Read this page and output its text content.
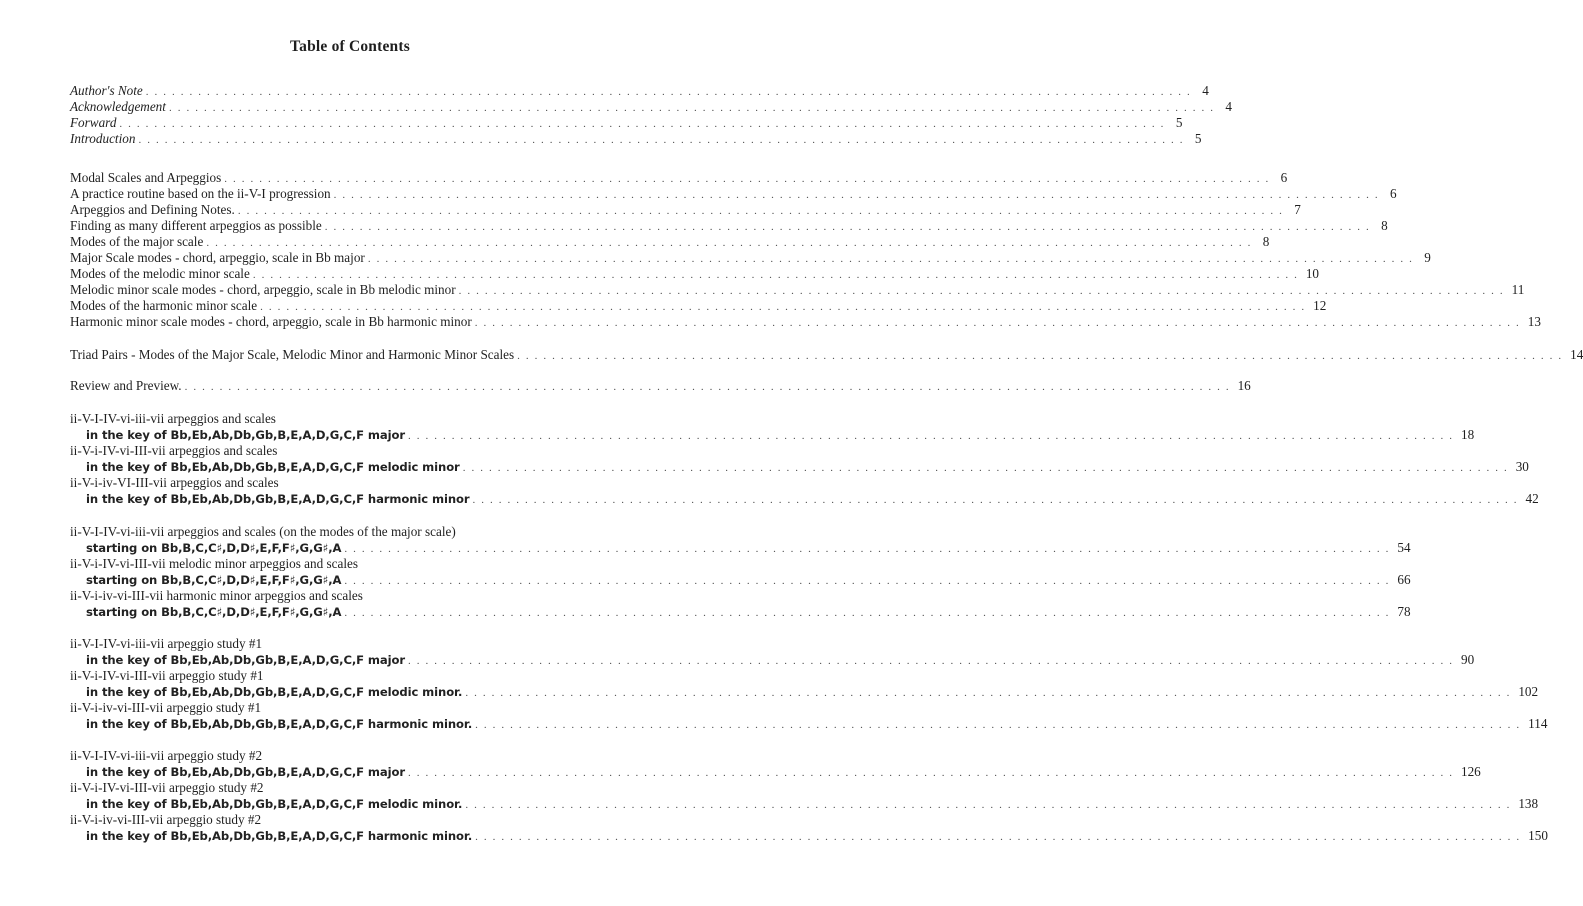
Table of Contents
Author's Note ........................................................................................................................ 4
Acknowledgement ........................................................................................................................ 4
Forward ........................................................................................................................ 5
Introduction ........................................................................................................................ 5
Modal Scales and Arpeggios ........................................................................................................................ 6
A practice routine based on the ii-V-I progression ........................................................................................................................ 6
Arpeggios and Defining Notes. ........................................................................................................................ 7
Finding as many different arpeggios as possible ........................................................................................................................ 8
Modes of the major scale ........................................................................................................................ 8
Major Scale modes - chord, arpeggio, scale in Bb major ........................................................................................................................ 9
Modes of the melodic minor scale ........................................................................................................................ 10
Melodic minor scale modes - chord, arpeggio, scale in Bb melodic minor ........................................................................................................................ 11
Modes of the harmonic minor scale ........................................................................................................................ 12
Harmonic minor scale modes - chord, arpeggio, scale in Bb harmonic minor ........................................................................................................................ 13
Triad Pairs - Modes of the Major Scale, Melodic Minor and Harmonic Minor Scales ........................................................................................................................ 14
Review and Preview. ........................................................................................................................ 16
ii-V-I-IV-vi-iii-vii arpeggios and scales
in the key of Bb,Eb,Ab,Db,Gb,B,E,A,D,G,C,F major ........................................................................................................................ 18
ii-V-i-IV-vi-III-vii arpeggios and scales
in the key of Bb,Eb,Ab,Db,Gb,B,E,A,D,G,C,F melodic minor ........................................................................................................................ 30
ii-V-i-iv-VI-III-vii arpeggios and scales
in the key of Bb,Eb,Ab,Db,Gb,B,E,A,D,G,C,F harmonic minor ........................................................................................................................ 42
ii-V-I-IV-vi-iii-vii arpeggios and scales (on the modes of the major scale)
starting on Bb,B,C,C♯,D,D♯,E,F,F♯,G,G♯,A ........................................................................................................................ 54
ii-V-i-IV-vi-III-vii melodic minor arpeggios and scales
starting on Bb,B,C,C♯,D,D♯,E,F,F♯,G,G♯,A ........................................................................................................................ 66
ii-V-i-iv-vi-III-vii harmonic minor arpeggios and scales
starting on Bb,B,C,C♯,D,D♯,E,F,F♯,G,G♯,A ........................................................................................................................ 78
ii-V-I-IV-vi-iii-vii arpeggio study #1
in the key of Bb,Eb,Ab,Db,Gb,B,E,A,D,G,C,F major ........................................................................................................................ 90
ii-V-i-IV-vi-III-vii arpeggio study #1
in the key of Bb,Eb,Ab,Db,Gb,B,E,A,D,G,C,F melodic minor. ........................................................................................................................ 102
ii-V-i-iv-vi-III-vii arpeggio study #1
in the key of Bb,Eb,Ab,Db,Gb,B,E,A,D,G,C,F harmonic minor. ........................................................................................................................ 114
ii-V-I-IV-vi-iii-vii arpeggio study #2
in the key of Bb,Eb,Ab,Db,Gb,B,E,A,D,G,C,F major ........................................................................................................................ 126
ii-V-i-IV-vi-III-vii arpeggio study #2
in the key of Bb,Eb,Ab,Db,Gb,B,E,A,D,G,C,F melodic minor. ........................................................................................................................ 138
ii-V-i-iv-vi-III-vii arpeggio study #2
in the key of Bb,Eb,Ab,Db,Gb,B,E,A,D,G,C,F harmonic minor. ........................................................................................................................ 150
